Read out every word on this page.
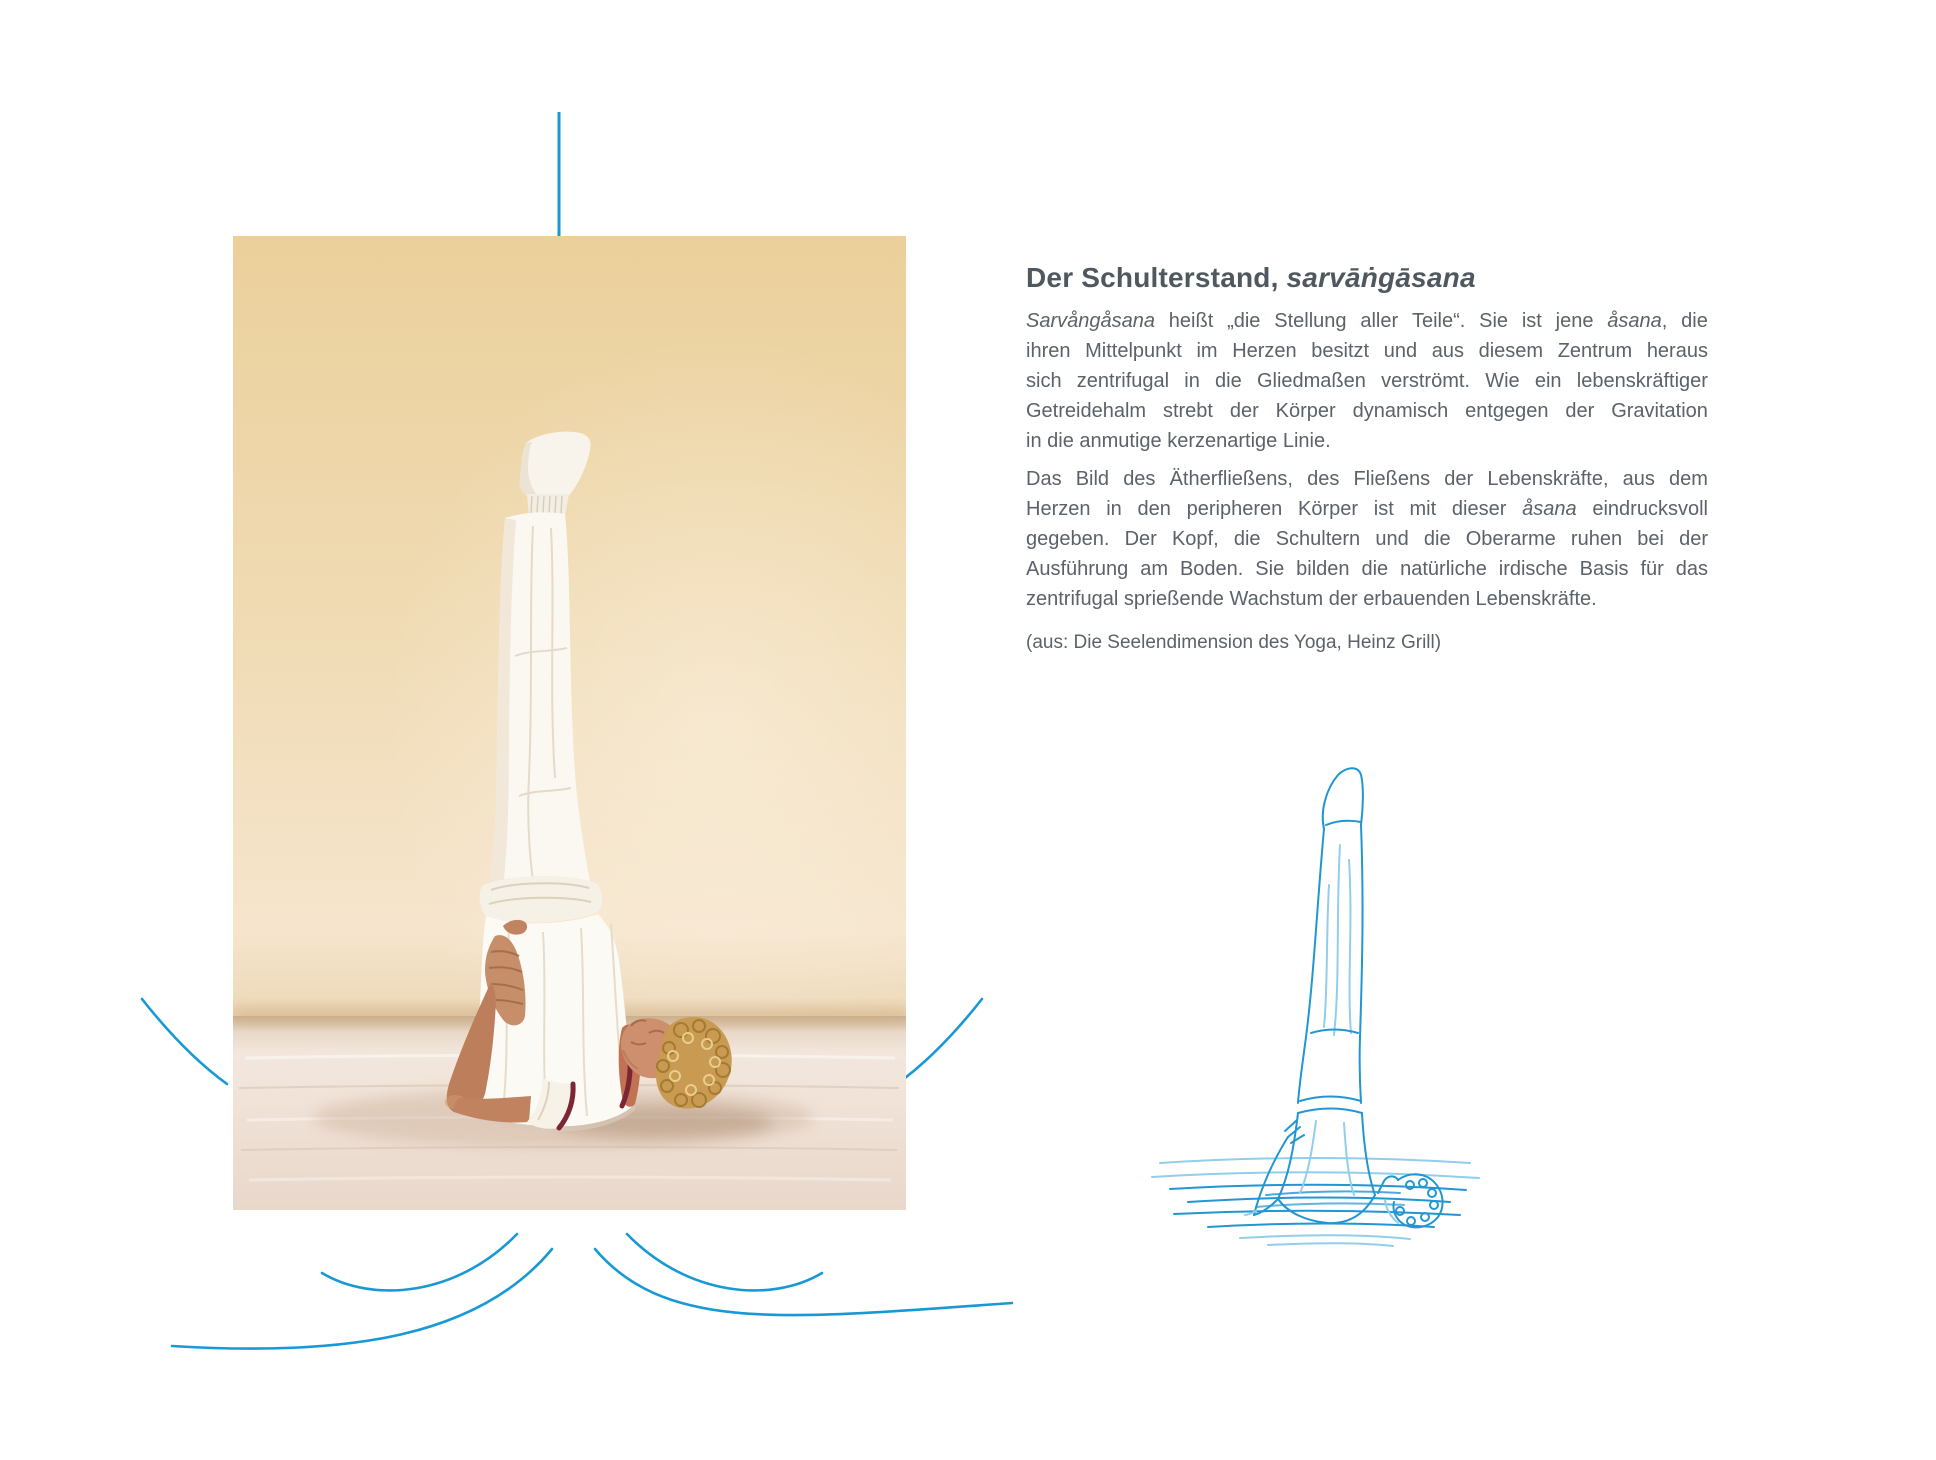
Der Schulterstand, sarvāṅgāsana
Sarvångåsana heißt „die Stellung aller Teile“. Sie ist jene åsana, die
ihren Mittelpunkt im Herzen besitzt und aus diesem Zentrum heraus
sich zentrifugal in die Gliedmaßen verströmt. Wie ein lebenskräftiger
Getreidehalm strebt der Körper dynamisch entgegen der Gravitation
in die anmutige kerzenartige Linie.
Das Bild des Ätherfließens, des Fließens der Lebenskräfte, aus dem
Herzen in den peripheren Körper ist mit dieser åsana eindrucksvoll
gegeben. Der Kopf, die Schultern und die Oberarme ruhen bei der
Ausführung am Boden. Sie bilden die natürliche irdische Basis für das
zentrifugal sprießende Wachstum der erbauenden Lebenskräfte.
(aus: Die Seelendimension des Yoga, Heinz Grill)
